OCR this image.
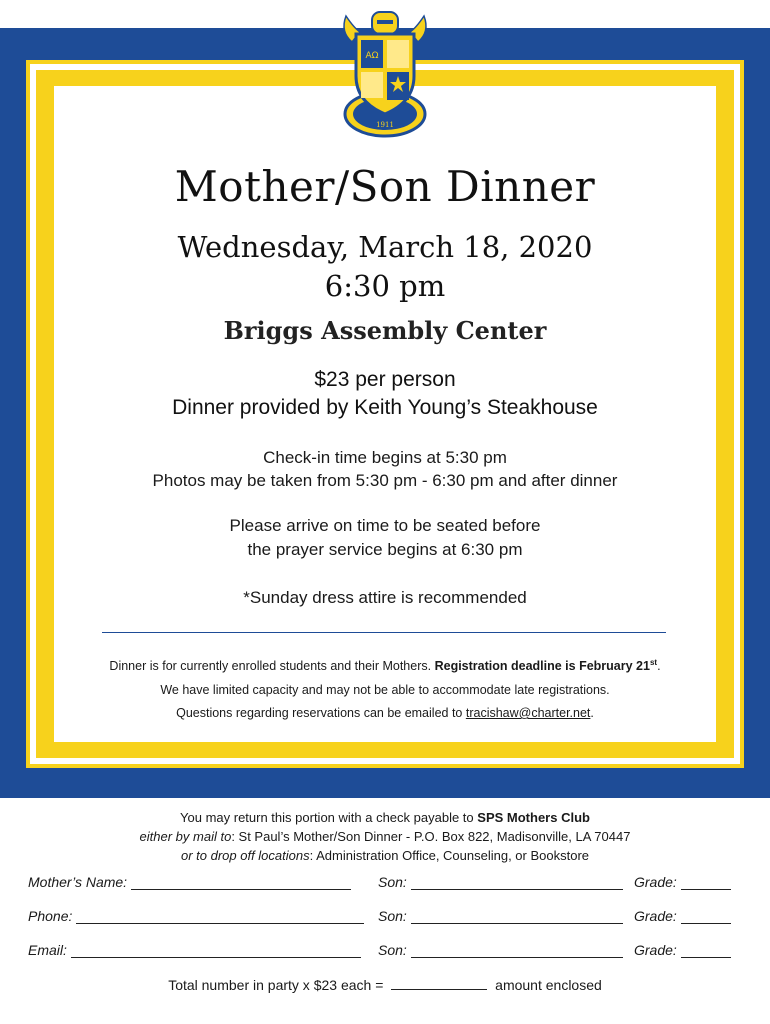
AΩ
1911
Mother/Son Dinner
Wednesday, March 18, 2020
6:30 pm
Briggs Assembly Center
$23 per person
Dinner provided by Keith Young’s Steakhouse
Check-in time begins at 5:30 pm
Photos may be taken from 5:30 pm - 6:30 pm and after dinner
Please arrive on time to be seated before
the prayer service begins at 6:30 pm
*Sunday dress attire is recommended
Dinner is for currently enrolled students and their Mothers. Registration deadline is February 21st.
We have limited capacity and may not be able to accommodate late registrations.
Questions regarding reservations can be emailed to tracishaw@charter.net.
You may return this portion with a check payable to SPS Mothers Club
either by mail to: St Paul’s Mother/Son Dinner - P.O. Box 822, Madisonville, LA 70447
or to drop off locations: Administration Office, Counseling, or Bookstore
Mother’s Name:	Son:	Grade:
Phone:	Son:	Grade:
Email:	Son:	Grade:
Total number in party x $23 each =	amount enclosed
